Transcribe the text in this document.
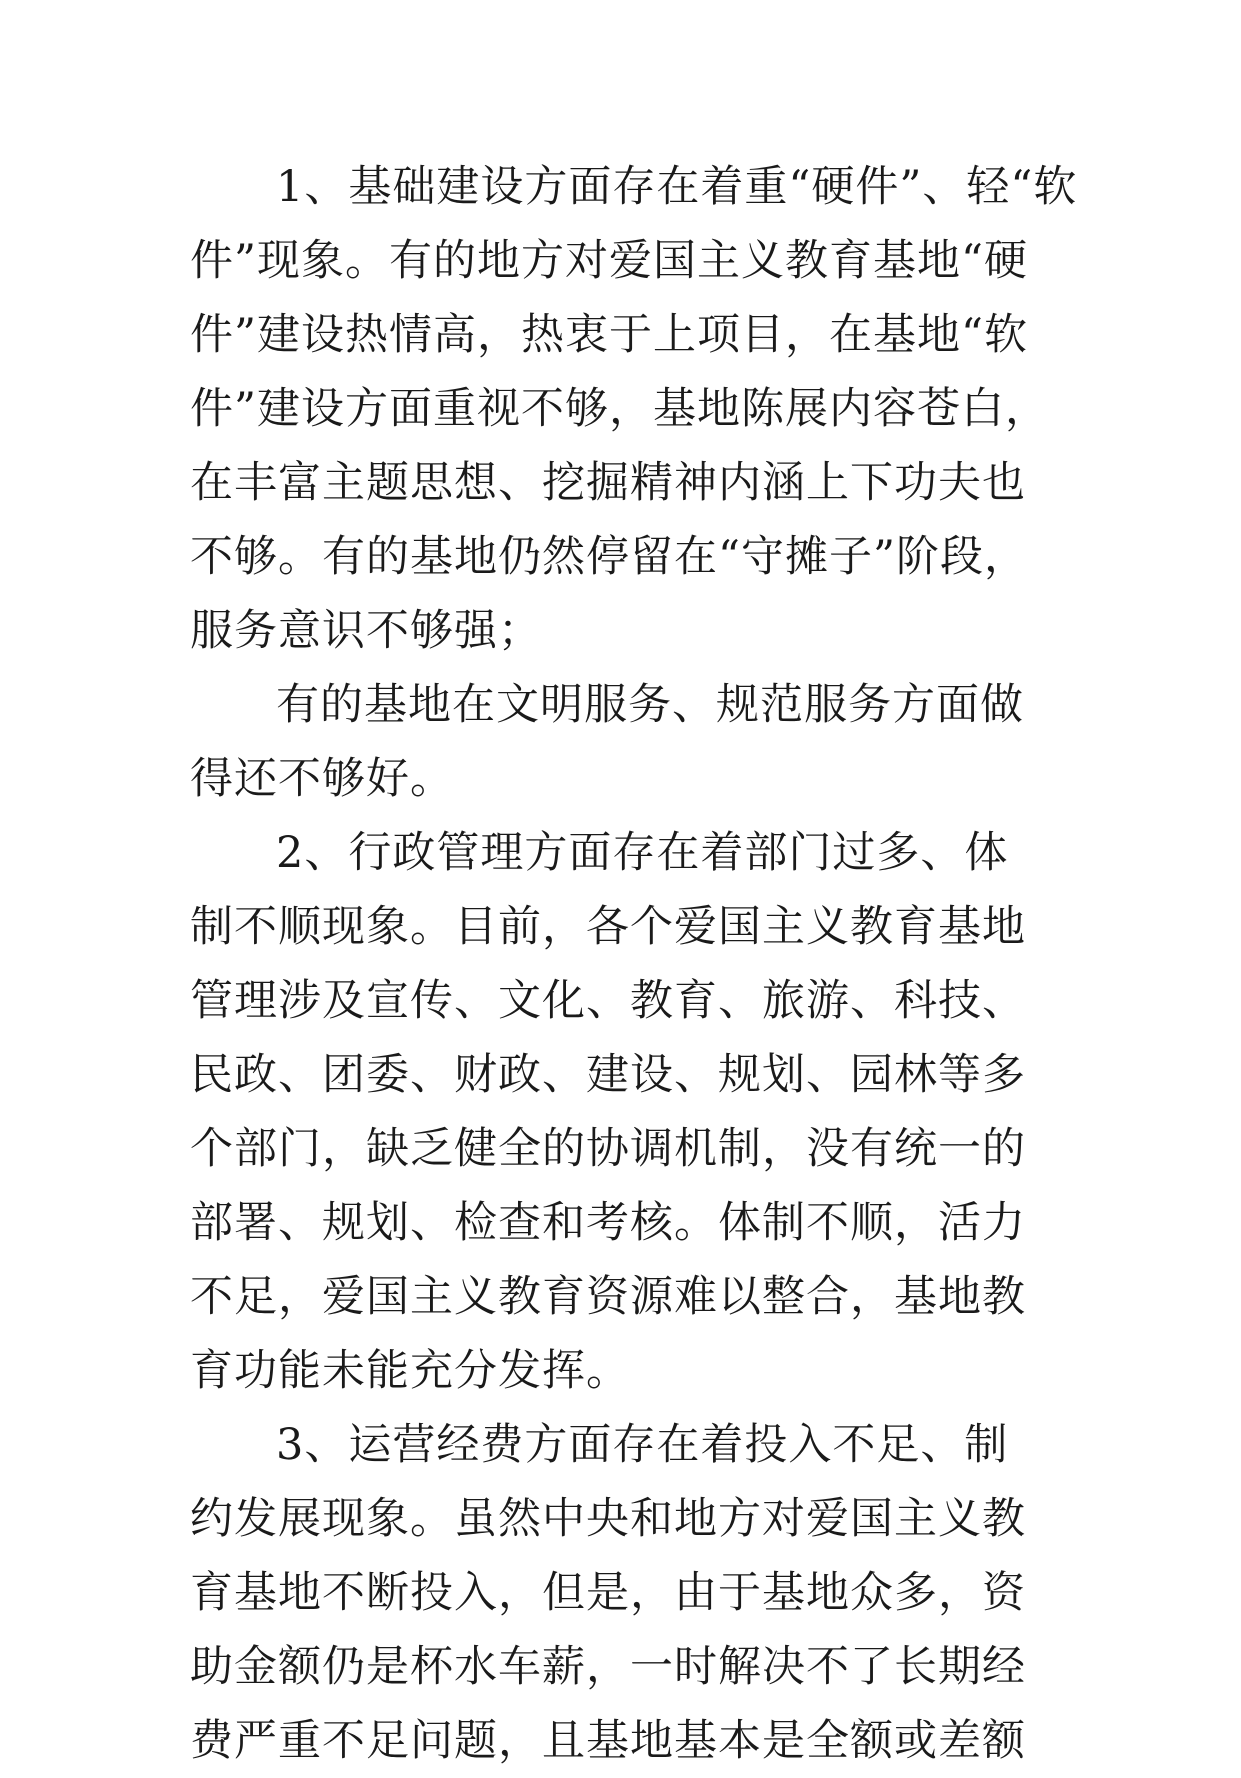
1、基础建设方面存在着重“硬件”、轻“软
件”现象。有的地方对爱国主义教育基地“硬
件”建设热情高，热衷于上项目，在基地“软
件”建设方面重视不够，基地陈展内容苍白，
在丰富主题思想、挖掘精神内涵上下功夫也
不够。有的基地仍然停留在“守摊子”阶段，
服务意识不够强；
有的基地在文明服务、规范服务方面做
得还不够好。
2、行政管理方面存在着部门过多、体
制不顺现象。目前，各个爱国主义教育基地
管理涉及宣传、文化、教育、旅游、科技、
民政、团委、财政、建设、规划、园林等多
个部门，缺乏健全的协调机制，没有统一的
部署、规划、检查和考核。体制不顺，活力
不足，爱国主义教育资源难以整合，基地教
育功能未能充分发挥。
3、运营经费方面存在着投入不足、制
约发展现象。虽然中央和地方对爱国主义教
育基地不断投入，但是，由于基地众多，资
助金额仍是杯水车薪，一时解决不了长期经
费严重不足问题，且基地基本是全额或差额
